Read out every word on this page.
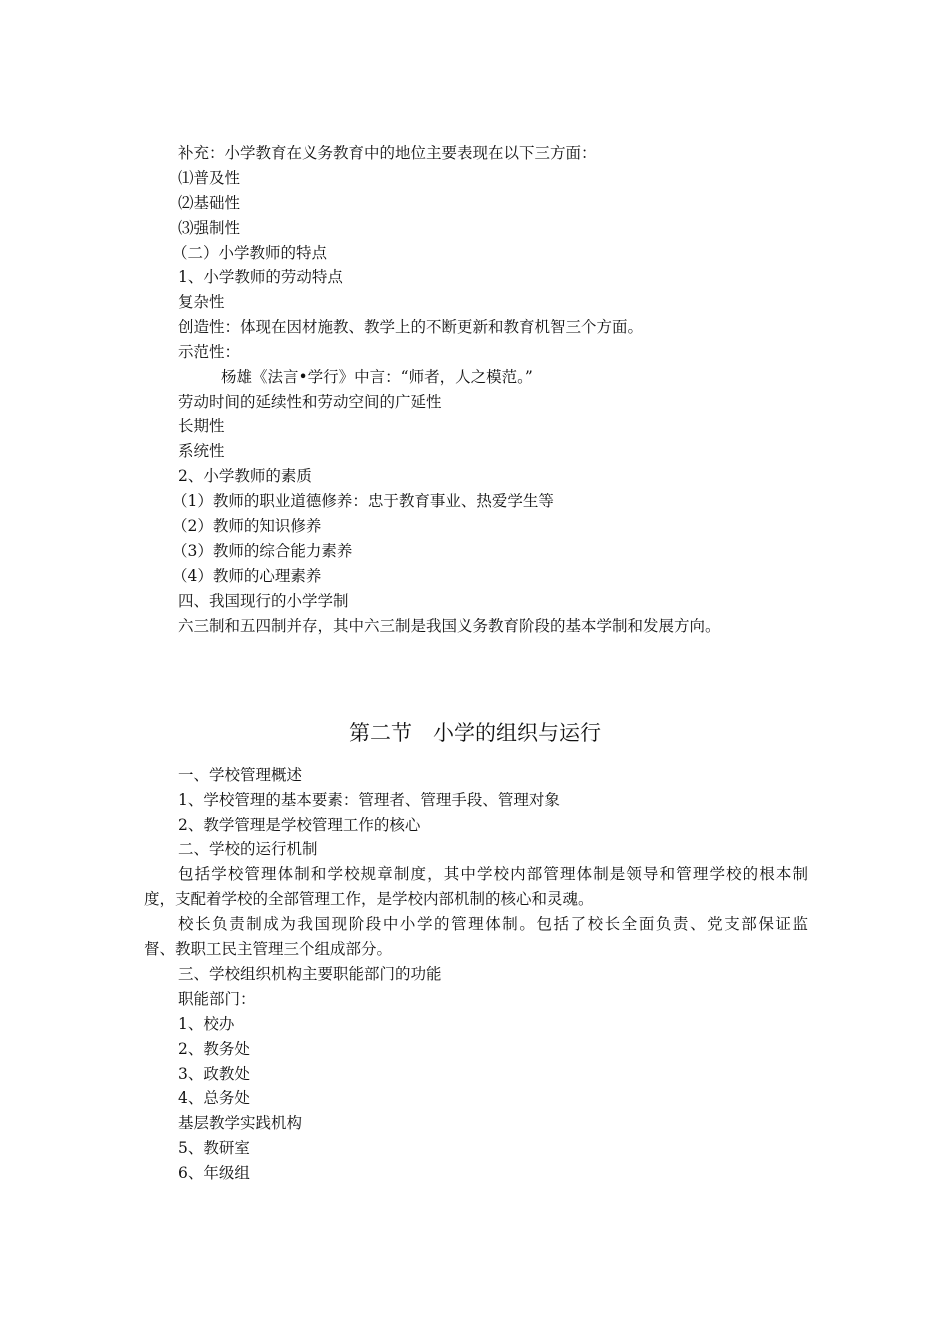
补充：小学教育在义务教育中的地位主要表现在以下三方面：
⑴普及性
⑵基础性
⑶强制性
（二）小学教师的特点
1、小学教师的劳动特点
复杂性
创造性：体现在因材施教、教学上的不断更新和教育机智三个方面。
示范性：
杨雄《法言•学行》中言：“师者，人之模范。”
劳动时间的延续性和劳动空间的广延性
长期性
系统性
2、小学教师的素质
（1）教师的职业道德修养：忠于教育事业、热爱学生等
（2）教师的知识修养
（3）教师的综合能力素养
（4）教师的心理素养
四、我国现行的小学学制
六三制和五四制并存，其中六三制是我国义务教育阶段的基本学制和发展方向。
第二节　小学的组织与运行
一、学校管理概述
1、学校管理的基本要素：管理者、管理手段、管理对象
2、教学管理是学校管理工作的核心
二、学校的运行机制
包括学校管理体制和学校规章制度，其中学校内部管理体制是领导和管理学校的根本制
度，支配着学校的全部管理工作，是学校内部机制的核心和灵魂。
校长负责制成为我国现阶段中小学的管理体制。包括了校长全面负责、党支部保证监
督、教职工民主管理三个组成部分。
三、学校组织机构主要职能部门的功能
职能部门：
1、校办
2、教务处
3、政教处
4、总务处
基层教学实践机构
5、教研室
6、年级组
